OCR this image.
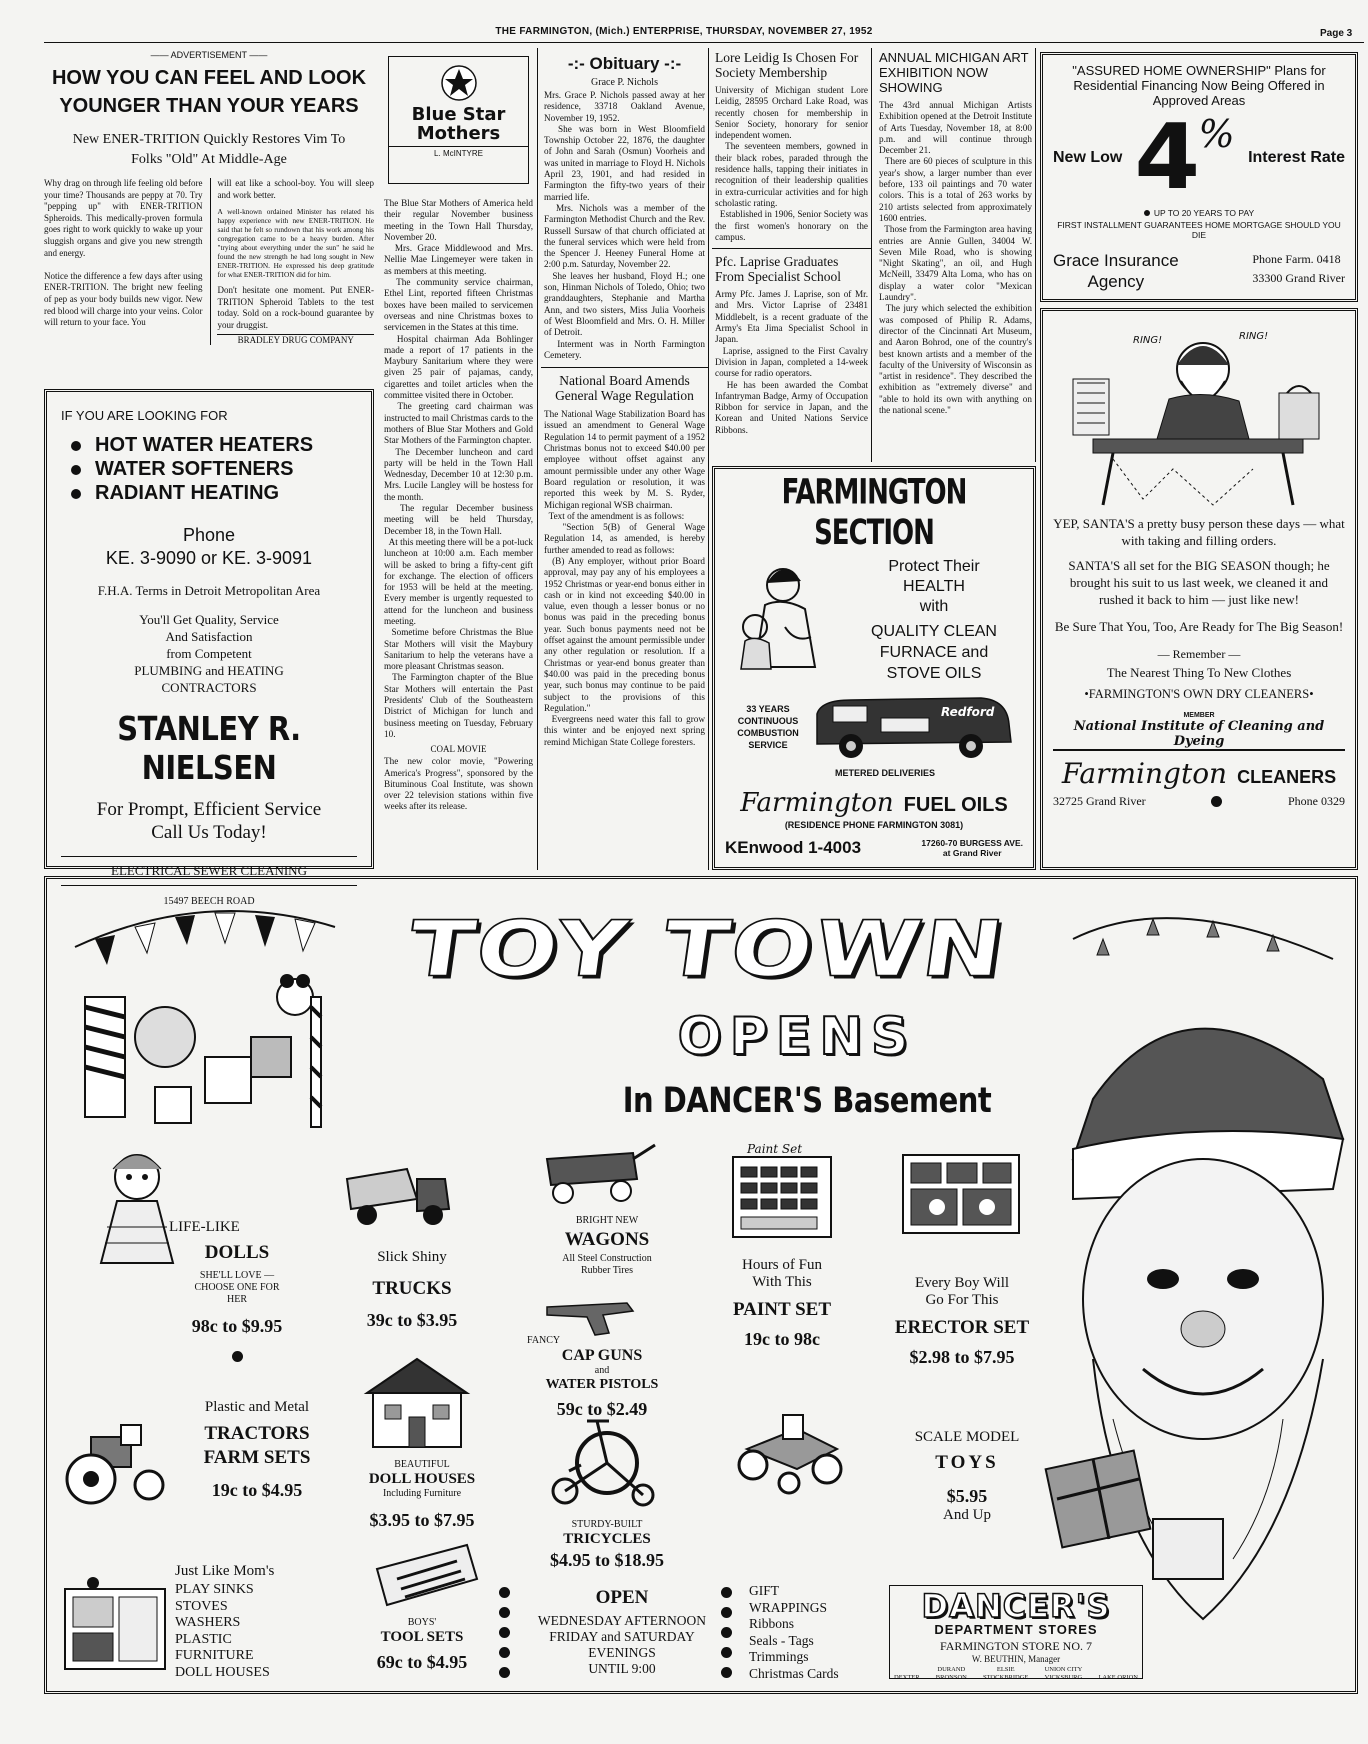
THE FARMINGTON, (Mich.) ENTERPRISE, THURSDAY, NOVEMBER 27, 1952	Page 3
—— ADVERTISEMENT ——
HOW YOU CAN FEEL AND LOOK YOUNGER THAN YOUR YEARS
New ENER-TRITION Quickly Restores Vim To Folks "Old" At Middle-Age

Why drag on through life feeling old before your time? Thousands are peppy at 70. Try "pepping up" with ENER-TRITION Spheroids. This medically-proven formula goes right to work quickly to wake up your sluggish organs and give you new strength and energy.

Notice the difference a few days after using ENER-TRITION. The bright new feeling of pep as your body builds new vigor. New red blood will charge into your veins. Color will return to your face. You

will eat like a school-boy. You will sleep and work better.

A well-known ordained Minister has related his happy experience with new ENER-TRITION. He said that he felt so rundown that his work among his congregation came to be a heavy burden. After "trying about everything under the sun" he said he found the new strength he had long sought in New ENER-TRITION. He expressed his deep gratitude for what ENER-TRITION did for him.

Don't hesitate one moment. Put ENER-TRITION Spheroid Tablets to the test today. Sold on a rock-bound guarantee by your druggist.

BRADLEY DRUG COMPANY
IF YOU ARE LOOKING FOR
HOT WATER HEATERS
WATER SOFTENERS
RADIANT HEATING
Phone
KE. 3-9090 or KE. 3-9091
F.H.A. Terms in Detroit Metropolitan Area
You'll Get Quality, Service
And Satisfaction
from Competent
PLUMBING and HEATING
CONTRACTORS
STANLEY R. NIELSEN
For Prompt, Efficient Service
Call Us Today!
ELECTRICAL SEWER CLEANING
15497 BEECH ROAD
Blue Star
Mothers
L. McINTYRE

The Blue Star Mothers of America held their regular November business meeting in the Town Hall Thursday, November 20.
Mrs. Grace Middlewood and Mrs. Nellie Mae Lingemeyer were taken in as members at this meeting.
The community service chairman, Ethel Lint, reported fifteen Christmas boxes have been mailed to servicemen overseas and nine Christmas boxes to servicemen in the States at this time.
Hospital chairman Ada Bohlinger made a report of 17 patients in the Maybury Sanitarium where they were given 25 pair of pajamas, candy, cigarettes and toilet articles when the committee visited there in October.
The greeting card chairman was instructed to mail Christmas cards to the mothers of Blue Star Mothers and Gold Star Mothers of the Farmington chapter.
The December luncheon and card party will be held in the Town Hall Wednesday, December 10 at 12:30 p.m. Mrs. Lucile Langley will be hostess for the month.
The regular December business meeting will be held Thursday, December 18, in the Town Hall.
At this meeting there will be a pot-luck luncheon at 10:00 a.m. Each member will be asked to bring a fifty-cent gift for exchange. The election of officers for 1953 will be held at the meeting. Every member is urgently requested to attend for the luncheon and business meeting.
Sometime before Christmas the Blue Star Mothers will visit the Maybury Sanitarium to help the veterans have a more pleasant Christmas season.
The Farmington chapter of the Blue Star Mothers will entertain the Past Presidents' Club of the Southeastern District of Michigan for lunch and business meeting on Tuesday, February 10.

COAL MOVIE

The new color movie, "Powering America's Progress", sponsored by the Bituminous Coal Institute, was shown over 22 television stations within five weeks after its release.

-:- Obituary -:-
Grace P. Nichols

Mrs. Grace P. Nichols passed away at her residence, 33718 Oakland Avenue, November 19, 1952.
She was born in West Bloomfield Township October 22, 1876, the daughter of John and Sarah (Osmun) Voorheis and was united in marriage to Floyd H. Nichols April 23, 1901, and had resided in Farmington the fifty-two years of their married life.
Mrs. Nichols was a member of the Farmington Methodist Church and the Rev. Russell Sursaw of that church officiated at the funeral services which were held from the Spencer J. Heeney Funeral Home at 2:00 p.m. Saturday, November 22.
She leaves her husband, Floyd H.; one son, Hinman Nichols of Toledo, Ohio; two granddaughters, Stephanie and Martha Ann, and two sisters, Miss Julia Voorheis of West Bloomfield and Mrs. O. H. Miller of Detroit.
Interment was in North Farmington Cemetery.

National Board Amends General Wage Regulation

The National Wage Stabilization Board has issued an amendment to General Wage Regulation 14 to permit payment of a 1952 Christmas bonus not to exceed $40.00 per employee without offset against any amount permissible under any other Wage Board regulation or resolution, it was reported this week by M. S. Ryder, Michigan regional WSB chairman.
Text of the amendment is as follows:
"Section 5(B) of General Wage Regulation 14, as amended, is hereby further amended to read as follows:
(B) Any employer, without prior Board approval, may pay any of his employees a 1952 Christmas or year-end bonus either in cash or in kind not exceeding $40.00 in value, even though a lesser bonus or no bonus was paid in the preceding bonus year. Such bonus payments need not be offset against the amount permissible under any other regulation or resolution. If a Christmas or year-end bonus greater than $40.00 was paid in the preceding bonus year, such bonus may continue to be paid subject to the provisions of this Regulation."
Evergreens need water this fall to grow this winter and be enjoyed next spring remind Michigan State College foresters.

Lore Leidig Is Chosen For Society Membership

University of Michigan student Lore Leidig, 28595 Orchard Lake Road, was recently chosen for membership in Senior Society, honorary for senior independent women.
The seventeen members, gowned in their black robes, paraded through the residence halls, tapping their initiates in recognition of their leadership qualities in extra-curricular activities and for high scholastic rating.
Established in 1906, Senior Society was the first women's honorary on the campus.

Pfc. Laprise Graduates From Specialist School

Army Pfc. James J. Laprise, son of Mr. and Mrs. Victor Laprise of 23481 Middlebelt, is a recent graduate of the Army's Eta Jima Specialist School in Japan.
Laprise, assigned to the First Cavalry Division in Japan, completed a 14-week course for radio operators.
He has been awarded the Combat Infantryman Badge, Army of Occupation Ribbon for service in Japan, and the Korean and United Nations Service Ribbons.

ANNUAL MICHIGAN ART EXHIBITION NOW SHOWING

The 43rd annual Michigan Artists Exhibition opened at the Detroit Institute of Arts Tuesday, November 18, at 8:00 p.m. and will continue through December 21.
There are 60 pieces of sculpture in this year's show, a larger number than ever before, 133 oil paintings and 70 water colors. This is a total of 263 works by 210 artists selected from approximately 1600 entries.
Those from the Farmington area having entries are Annie Gullen, 34004 W. Seven Mile Road, who is showing "Night Skating", an oil, and Hugh McNeill, 33479 Alta Loma, who has on display a water color "Mexican Laundry".
The jury which selected the exhibition was composed of Philip R. Adams, director of the Cincinnati Art Museum, and Aaron Bohrod, one of the country's best known artists and a member of the faculty of the University of Wisconsin as "artist in residence". They described the exhibition as "extremely diverse" and "able to hold its own with anything on the national scene."

FARMINGTON SECTION
Protect Their
HEALTH
with
QUALITY CLEAN
FURNACE and
STOVE OILS
33 YEARS
CONTINUOUS
COMBUSTION
SERVICE
Redford
METERED DELIVERIES
Farmington FUEL OILS
(RESIDENCE PHONE FARMINGTON 3081)
KEnwood 1-4003	17260-70 BURGESS AVE.
at Grand River
"ASSURED HOME OWNERSHIP" Plans for Residential Financing Now Being Offered in Approved Areas
New Low 4
%
Interest Rate
UP TO 20 YEARS TO PAY
FIRST INSTALLMENT GUARANTEES HOME MORTGAGE SHOULD YOU DIE
Grace Insurance
Agency
Phone Farm. 0418
33300 Grand River
RING!	RING!

YEP, SANTA'S a pretty busy person these days — what with taking and filling orders.

SANTA'S all set for the BIG SEASON though; he brought his suit to us last week, we cleaned it and rushed it back to him — just like new!

Be Sure That You, Too, Are Ready for The Big Season!

— Remember —
The Nearest Thing To New Clothes
•FARMINGTON'S OWN DRY CLEANERS•
MEMBER
National Institute of Cleaning and Dyeing
Farmington CLEANERS
32725 Grand River	Phone 0329
TOY TOWN
OPENS
In DANCER'S Basement
LIFE-LIKE
DOLLS
SHE'LL LOVE —
CHOOSE ONE FOR
HER
98c to $9.95
Slick Shiny
TRUCKS
39c to $3.95
BRIGHT NEW
WAGONS
All Steel Construction
Rubber Tires
FANCY
CAP GUNS
and
WATER PISTOLS
59c to $2.49
Paint Set
Hours of Fun
With This
PAINT SET
19c to 98c
Every Boy Will
Go For This
ERECTOR SET
$2.98 to $7.95
Plastic and Metal
TRACTORS
FARM SETS
19c to $4.95
BEAUTIFUL
DOLL HOUSES
Including Furniture
$3.95 to $7.95	STURDY-BUILT
TRICYCLES
$4.95 to $18.95
SCALE MODEL
TOYS
$5.95
And Up
Just Like Mom's
PLAY SINKS
STOVES
WASHERS
PLASTIC
FURNITURE
DOLL HOUSES
BOYS'
TOOL SETS
69c to $4.95
OPEN
WEDNESDAY AFTERNOON
FRIDAY and SATURDAY
EVENINGS
UNTIL 9:00
GIFT
WRAPPINGS
Ribbons
Seals - Tags
Trimmings
Christmas Cards
DANCER'S
DEPARTMENT STORES
FARMINGTON STORE NO. 7
W. BEUTHIN, Manager
DEXTER
DURAND
BRONSON
ELSIE
STOCKBRIDGE
UNION CITY
VICKSBURG	LAKE ORION
